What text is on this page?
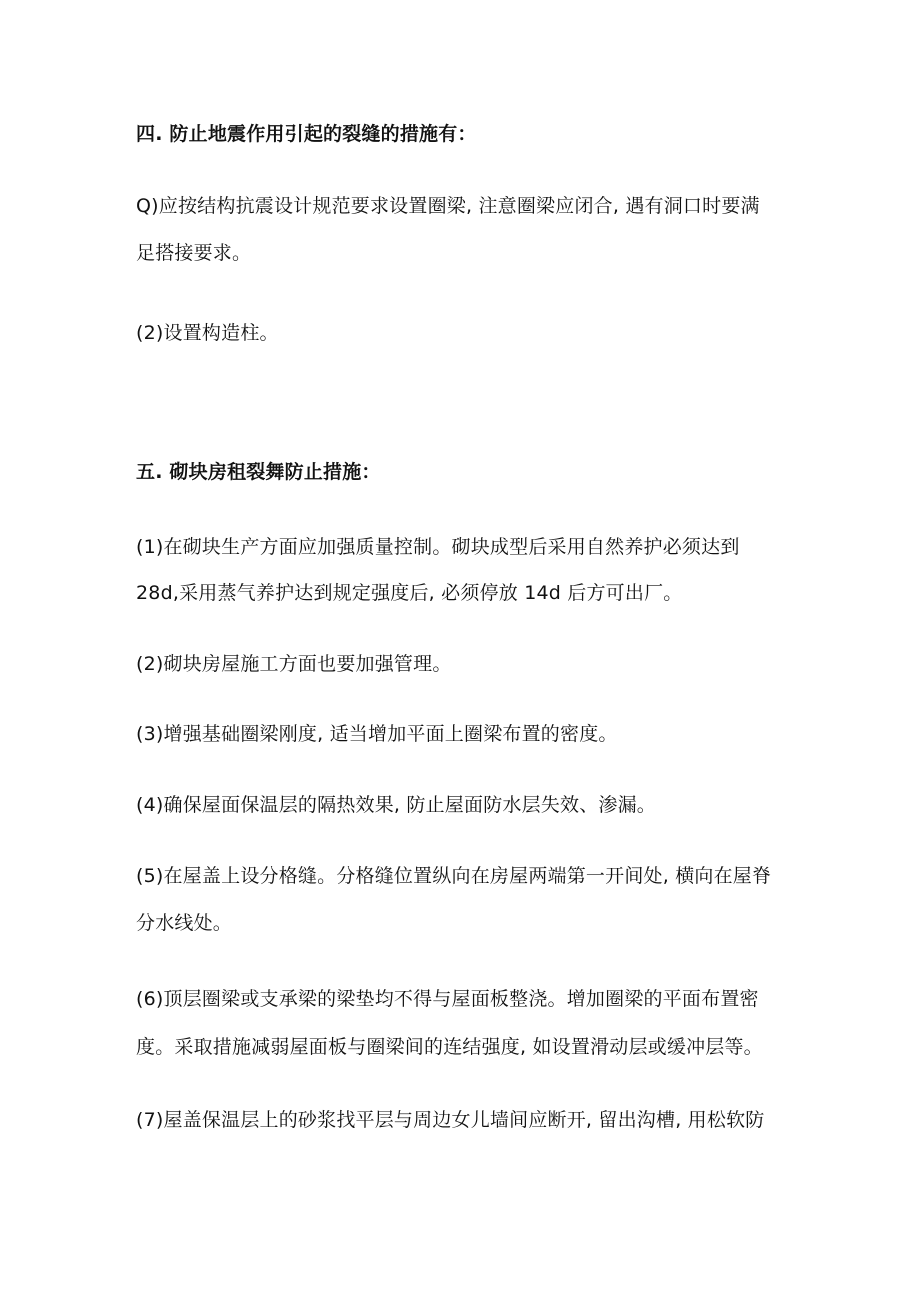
四. 防止地震作用引起的裂缝的措施有：
Q)应按结构抗震设计规范要求设置圈梁, 注意圈梁应闭合, 遇有洞口时要满
足搭接要求。
(2)设置构造柱。
五. 砌块房租裂舞防止措施：
(1)在砌块生产方面应加强质量控制。砌块成型后采用自然养护必须达到
28d,采用蒸气养护达到规定强度后, 必须停放 14d 后方可出厂。
(2)砌块房屋施工方面也要加强管理。
(3)增强基础圈梁刚度, 适当增加平面上圈梁布置的密度。
(4)确保屋面保温层的隔热效果, 防止屋面防水层失效、渗漏。
(5)在屋盖上设分格缝。分格缝位置纵向在房屋两端第一开间处, 横向在屋脊
分水线处。
(6)顶层圈梁或支承梁的梁垫均不得与屋面板整浇。增加圈梁的平面布置密
度。采取措施减弱屋面板与圈梁间的连结强度, 如设置滑动层或缓冲层等。
(7)屋盖保温层上的砂浆找平层与周边女儿墙间应断开, 留出沟槽, 用松软防
